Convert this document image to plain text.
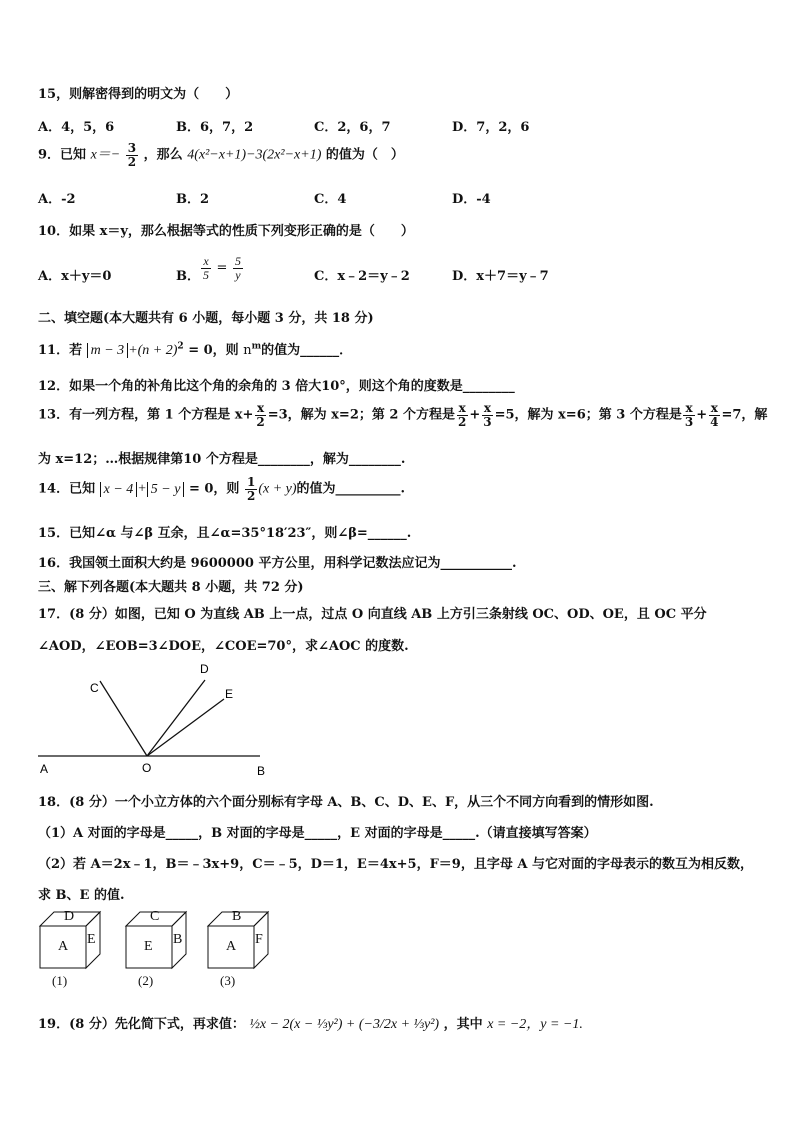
15，则解密得到的明文为（　　）
A．4，5，6	B．6，7，2	C．2，6，7	D．7，2，6
9．已知 $x=- \frac{3}{2}$ ，那么 4(x²−x+1)−3(2x²−x+1) 的值为（　）
A．-2	B．2	C．4	D．-4
10．如果 x＝y，那么根据等式的性质下列变形正确的是（　　）
A．x＋y＝0	B． $\frac{x}{5} = \frac{5}{y}$	C．x﹣2＝y﹣2	D．x＋7＝y﹣7
二、填空题(本大题共有 6 小题，每小题 3 分，共 18 分)
11．若 $m - 3 +(n + 2)^2 = 0$，则 $n^m$的值为______．
12．如果一个角的补角比这个角的余角的 3 倍大10°，则这个角的度数是________
13．有一列方程，第 1 个方程是 $x+ \frac{x}{2} =3$，解为 x=2；第 2 个方程是 $\frac{x}{2} + \frac{x}{3} =5$，解为 x=6；第 3 个方程是 $\frac{x}{3} + \frac{x}{4} =7$，解
为 x=12；…根据规律第10 个方程是________，解为________.
14．已知 x − 4 + 5 − y = 0，则 $\frac{1}{2} (x + y)$的值为__________.
15．已知∠α 与∠β 互余，且∠α=35°18′23″，则∠β=______.
16．我国领土面积大约是 9600000 平方公里，用科学记数法应记为___________.
三、解下列各题(本大题共 8 小题，共 72 分)
17．(8 分）如图，已知 O 为直线 AB 上一点，过点 O 向直线 AB 上方引三条射线 OC、OD、OE，且 OC 平分
∠AOD，∠EOB=3∠DOE，∠COE=70°，求∠AOC 的度数.
A	O	B
C
D
E
18．(8 分）一个小立方体的六个面分别标有字母 A、B、C、D、E、F，从三个不同方向看到的情形如图.
（1）A 对面的字母是_____，B 对面的字母是_____，E 对面的字母是_____.（请直接填写答案）
（2）若 A＝2x﹣1，B＝﹣3x+9，C＝﹣5，D＝1，E＝4x+5，F＝9，且字母 A 与它对面的字母表示的数互为相反数，
求 B、E 的值.
D
A E
(1)
C
E B
(2)
B
A F
(3)
19．(8 分）先化简下式，再求值： ½x − 2(x − ⅓y²) + (−3/2x + ⅓y²) ，其中 x = −2，y = −1.
